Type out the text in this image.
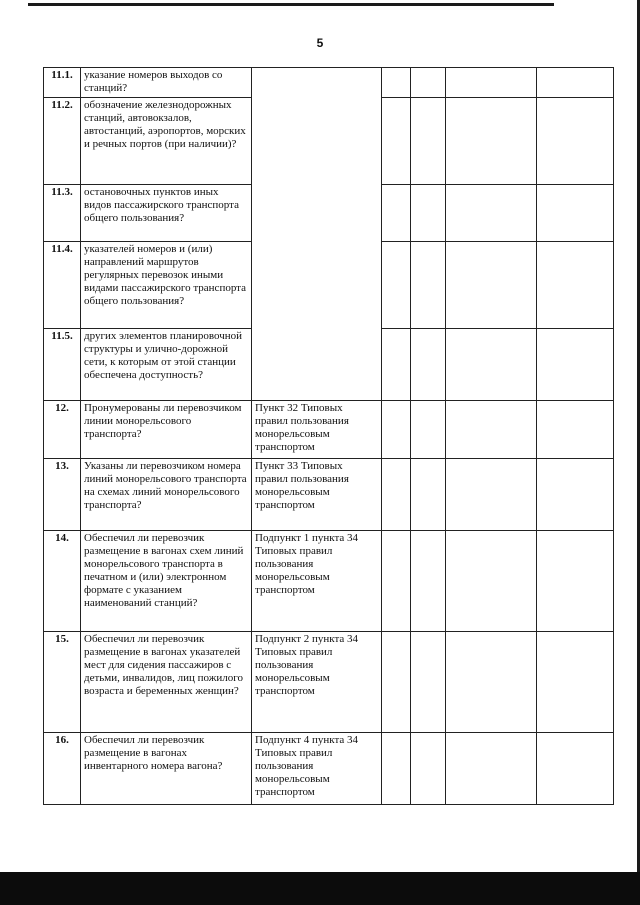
5
11.1.	указание номеров выходов со станций?					
11.2.	обозначение железнодорожных станций, автовокзалов, автостанций, аэропортов, морских и речных портов (при наличии)?					
11.3.	остановочных пунктов иных видов пассажирского транспорта общего пользования?					
11.4.	указателей номеров и (или) направлений маршрутов регулярных перевозок иными видами пассажирского транспорта общего пользования?					
11.5.	других элементов планировочной структуры и улично-дорожной сети, к которым от этой станции обеспечена доступность?					
12.	Пронумерованы ли перевозчиком линии монорельсового транспорта?	Пункт 32 Типовых правил пользования монорельсовым транспортом				
13.	Указаны ли перевозчиком номера линий монорельсового транспорта на схемах линий монорельсового транспорта?	Пункт 33 Типовых правил пользования монорельсовым транспортом				
14.	Обеспечил ли перевозчик размещение в вагонах схем линий монорельсового транспорта в печатном и (или) электронном формате с указанием наименований станций?	Подпункт 1 пункта 34 Типовых правил пользования монорельсовым транспортом				
15.	Обеспечил ли перевозчик размещение в вагонах указателей мест для сидения пассажиров с детьми, инвалидов, лиц пожилого возраста и беременных женщин?	Подпункт 2 пункта 34 Типовых правил пользования монорельсовым транспортом				
16.	Обеспечил ли перевозчик размещение в вагонах инвентарного номера вагона?	Подпункт 4 пункта 34 Типовых правил пользования монорельсовым транспортом				
